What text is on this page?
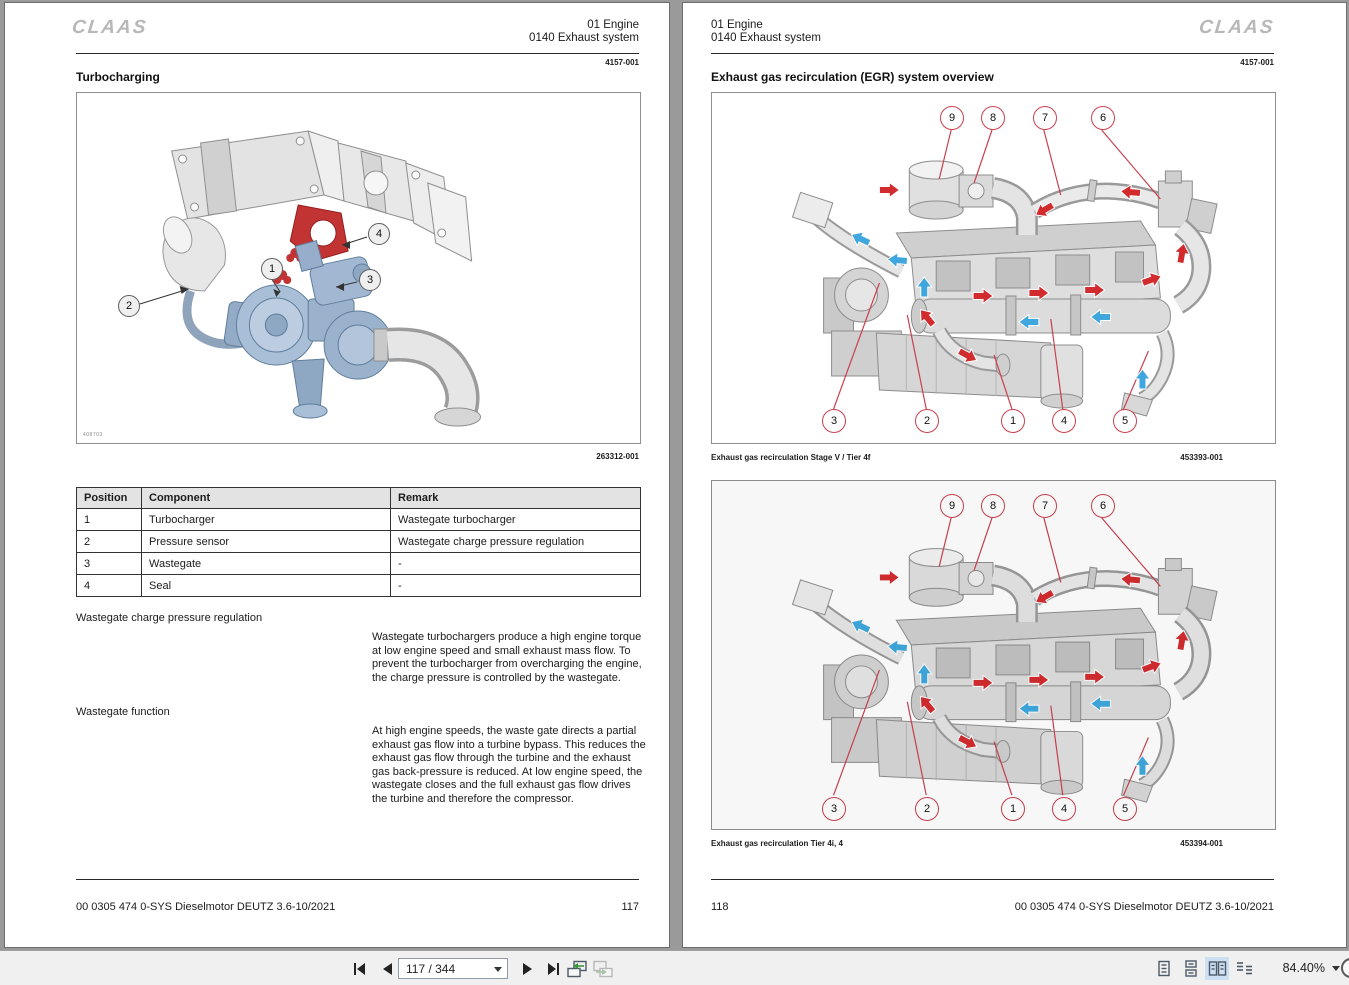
CLAAS	01 Engine
0140 Exhaust system
4157-001
Turbocharging
1
2
3
4
408703
263312-001
Position	Component	Remark
1	Turbocharger	Wastegate turbocharger
2	Pressure sensor	Wastegate charge pressure regulation
3	Wastegate	-
4	Seal	-
Wastegate charge pressure regulation
Wastegate turbochargers produce a high engine torque at low engine speed and small exhaust mass flow. To prevent the turbocharger from overcharging the engine, the charge pressure is controlled by the wastegate.
Wastegate function
At high engine speeds, the waste gate directs a partial exhaust gas flow into a turbine bypass. This reduces the exhaust gas flow through the turbine and the exhaust gas back-pressure is reduced. At low engine speed, the wastegate closes and the full exhaust gas flow drives the turbine and therefore the compressor.
00 0305 474 0-SYS Dieselmotor DEUTZ 3.6-10/2021	117
01 Engine
0140 Exhaust system	CLAAS
4157-001
Exhaust gas recirculation (EGR) system overview
9	8	7	6
3	2	1	4	5
Exhaust gas recirculation Stage V / Tier 4f	453393-001
9	8	7	6
3	2	1	4	5
Exhaust gas recirculation Tier 4i, 4	453394-001
118	00 0305 474 0-SYS Dieselmotor DEUTZ 3.6-10/2021
117 / 344
84.40%
